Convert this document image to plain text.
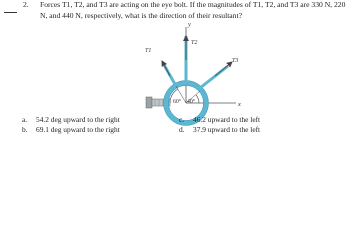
2. Forces T1, T2, and T3 are acting on the eye bolt. If the magnitudes of T1, T2, and T3 are 330 N, 220 N, and 440 N, respectively, what is the direction of their resultant?
y
x
T2
T1
T3
60° 40°
a. 54.2 deg upward to the right
b. 69.1 deg upward to the right
c. 46.2 upward to the left
d. 37.9 upward to the left
